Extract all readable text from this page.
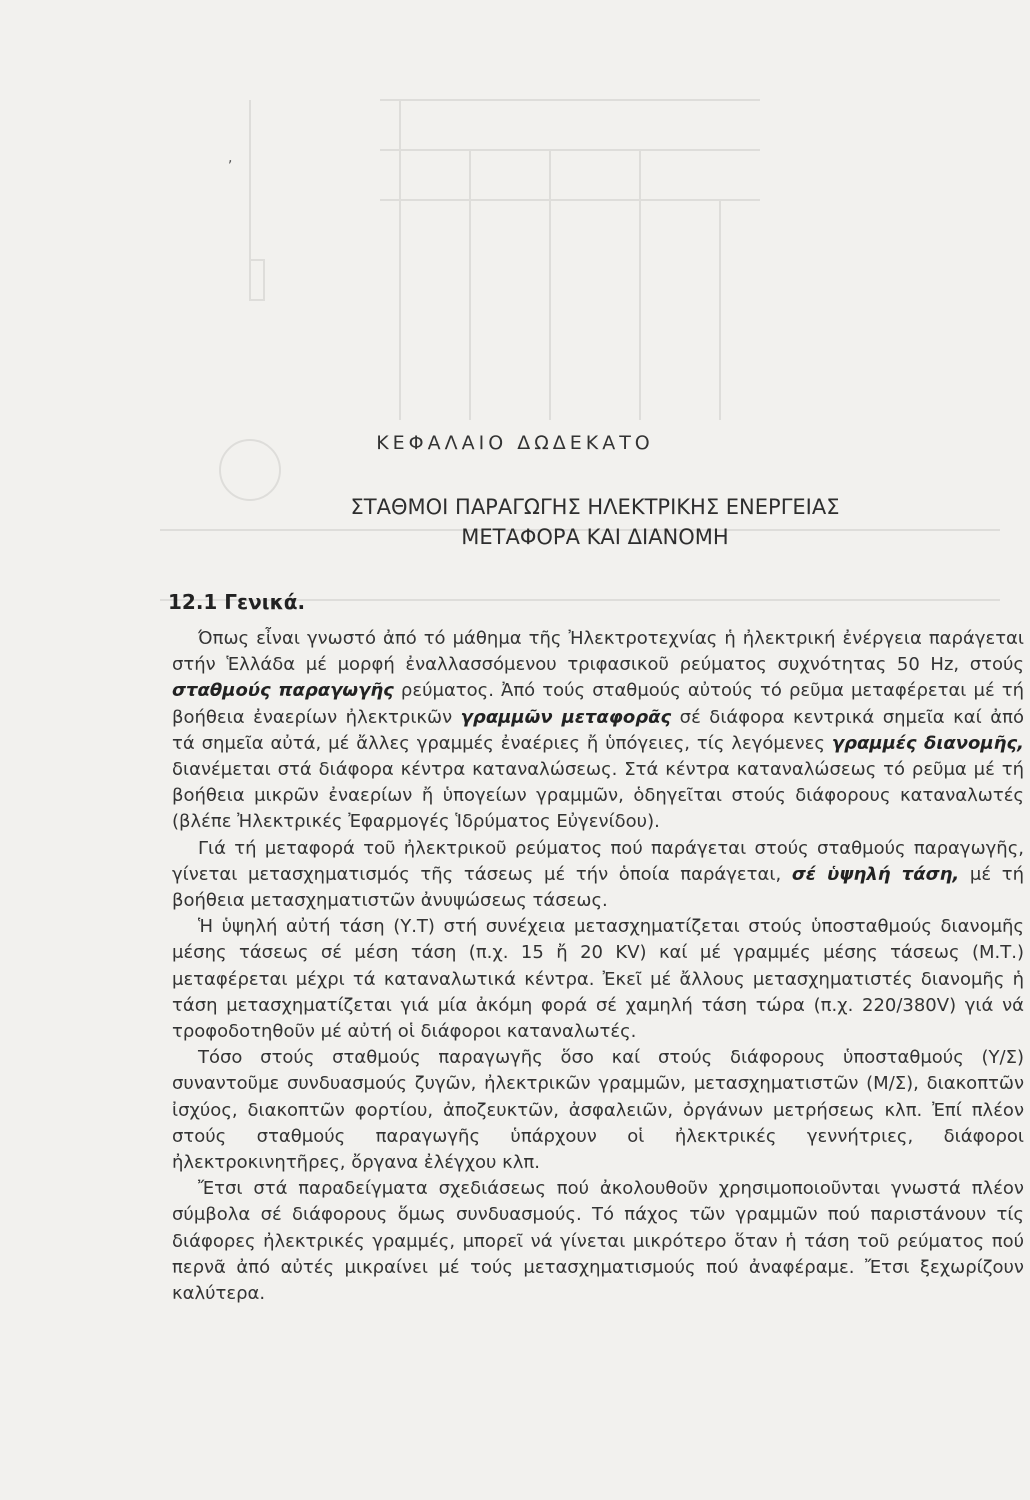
,
ΚΕΦΑΛΑΙΟ ΔΩΔΕΚΑΤΟ
ΣΤΑΘΜΟΙ ΠΑΡΑΓΩΓΗΣ ΗΛΕΚΤΡΙΚΗΣ ΕΝΕΡΓΕΙΑΣ
ΜΕΤΑΦΟΡΑ ΚΑΙ ΔΙΑΝΟΜΗ
12.1 Γενικά.

Όπως εἶναι γνωστό ἀπό τό μάθημα τῆς Ἠλεκτροτεχνίας ἡ ἠλεκτρική ἐνέργεια παράγεται στήν Ἑλλάδα μέ μορφή ἐναλλασσόμενου τριφασικοῦ ρεύματος συχνότητας 50 Hz, στούς σταθμούς παραγωγῆς ρεύματος. Ἀπό τούς σταθμούς αὐτούς τό ρεῦμα μεταφέρεται μέ τή βοήθεια ἐναερίων ἠλεκτρικῶν γραμμῶν μεταφορᾶς σέ διάφορα κεντρικά σημεῖα καί ἀπό τά σημεῖα αὐτά, μέ ἄλλες γραμμές ἐναέριες ἤ ὑπόγειες, τίς λεγόμενες γραμμές διανομῆς, διανέμεται στά διάφορα κέντρα καταναλώσεως. Στά κέντρα καταναλώσεως τό ρεῦμα μέ τή βοήθεια μικρῶν ἐναερίων ἤ ὑπογείων γραμμῶν, ὁδηγεῖται στούς διάφορους καταναλωτές (βλέπε Ἠλεκτρικές Ἐφαρμογές Ἱδρύματος Εὐγενίδου).

Γιά τή μεταφορά τοῦ ἠλεκτρικοῦ ρεύματος πού παράγεται στούς σταθμούς παραγωγῆς, γίνεται μετασχηματισμός τῆς τάσεως μέ τήν ὁποία παράγεται, σέ ὑψηλή τάση, μέ τή βοήθεια μετασχηματιστῶν ἀνυψώσεως τάσεως.

Ἡ ὑψηλή αὐτή τάση (Υ.Τ) στή συνέχεια μετασχηματίζεται στούς ὑποσταθμούς διανομῆς μέσης τάσεως σέ μέση τάση (π.χ. 15 ἤ 20 KV) καί μέ γραμμές μέσης τάσεως (Μ.Τ.) μεταφέρεται μέχρι τά καταναλωτικά κέντρα. Ἐκεῖ μέ ἄλλους μετασχηματιστές διανομῆς ἡ τάση μετασχηματίζεται γιά μία ἀκόμη φορά σέ χαμηλή τάση τώρα (π.χ. 220/380V) γιά νά τροφοδοτηθοῦν μέ αὐτή οἱ διάφοροι καταναλωτές.

Τόσο στούς σταθμούς παραγωγῆς ὅσο καί στούς διάφορους ὑποσταθμούς (Υ/Σ) συναντοῦμε συνδυασμούς ζυγῶν, ἠλεκτρικῶν γραμμῶν, μετασχηματιστῶν (Μ/Σ), διακοπτῶν ἰσχύος, διακοπτῶν φορτίου, ἀποζευκτῶν, ἀσφαλειῶν, ὀργάνων μετρήσεως κλπ. Ἐπί πλέον στούς σταθμούς παραγωγῆς ὑπάρχουν οἱ ἠλεκτρικές γεννήτριες, διάφοροι ἠλεκτροκινητῆρες, ὄργανα ἐλέγχου κλπ.

Ἔτσι στά παραδείγματα σχεδιάσεως πού ἀκολουθοῦν χρησιμοποιοῦνται γνωστά πλέον σύμβολα σέ διάφορους ὅμως συνδυασμούς. Τό πάχος τῶν γραμμῶν πού παριστάνουν τίς διάφορες ἠλεκτρικές γραμμές, μπορεῖ νά γίνεται μικρότερο ὅταν ἡ τάση τοῦ ρεύματος πού περνᾶ ἀπό αὐτές μικραίνει μέ τούς μετασχηματισμούς πού ἀναφέραμε. Ἔτσι ξεχωρίζουν καλύτερα.
